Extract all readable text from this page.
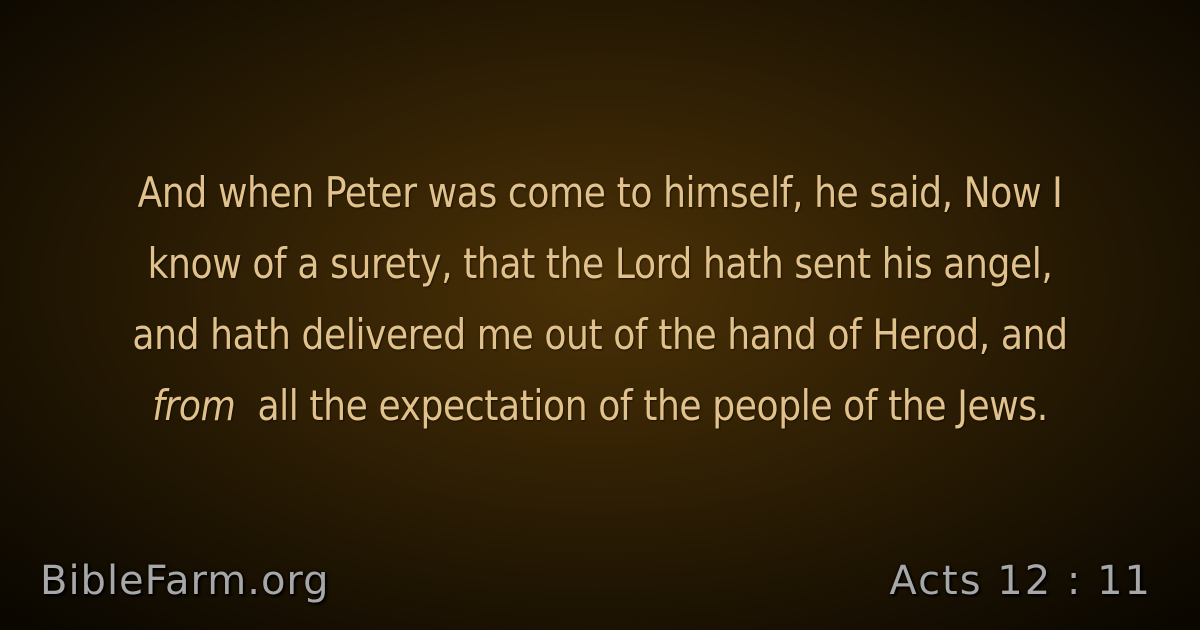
And when Peter was come to himself, he said, Now I
know of a surety, that the Lord hath sent his angel,
and hath delivered me out of the hand of Herod, and
from all the expectation of the people of the Jews.

BibleFarm.org	Acts 12 : 11
